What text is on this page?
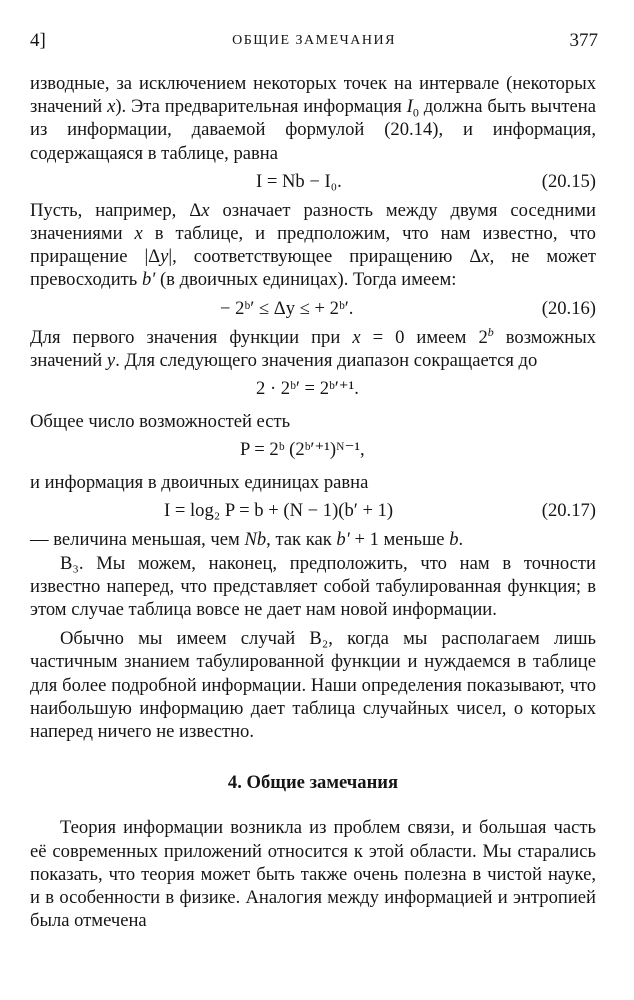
4]	ОБЩИЕ ЗАМЕЧАНИЯ	377

изводные, за исключением некоторых точек на интервале (некоторых значений x). Эта предварительная информация $I_0$ должна быть вычтена из информации, даваемой формулой (20.14), и информация, содержащаяся в таблице, равна

I = Nb − I₀.	(20.15)

Пусть, например, Δx означает разность между двумя соседними значениями x в таблице, и предположим, что нам известно, что приращение |Δy|, соответствующее приращению Δx, не может превосходить b′ (в двоичных единицах). Тогда имеем:

− 2ᵇ′ ≤ Δy ≤ + 2ᵇ′.	(20.16)

Для первого значения функции при x = 0 имеем 2$^b$ возможных значений y. Для следующего значения диапазон сокращается до

2 · 2ᵇ′ = 2ᵇ′⁺¹.

Общее число возможностей есть

P = 2ᵇ (2ᵇ′⁺¹)ᴺ⁻¹,

и информация в двоичных единицах равна

I = log₂ P = b + (N − 1)(b′ + 1)	(20.17)

— величина меньшая, чем Nb, так как b′ + 1 меньше b.

B₃. Мы можем, наконец, предположить, что нам в точности известно наперед, что представляет собой табулированная функция; в этом случае таблица вовсе не дает нам новой информации.

Обычно мы имеем случай B₂, когда мы располагаем лишь частичным знанием табулированной функции и нуждаемся в таблице для более подробной информации. Наши определения показывают, что наибольшую информацию дает таблица случайных чисел, о которых наперед ничего не известно.

4. Общие замечания

Теория информации возникла из проблем связи, и большая часть её современных приложений относится к этой области. Мы старались показать, что теория может быть также очень полезна в чистой науке, и в особенности в физике. Аналогия между информацией и энтропией была отмечена
